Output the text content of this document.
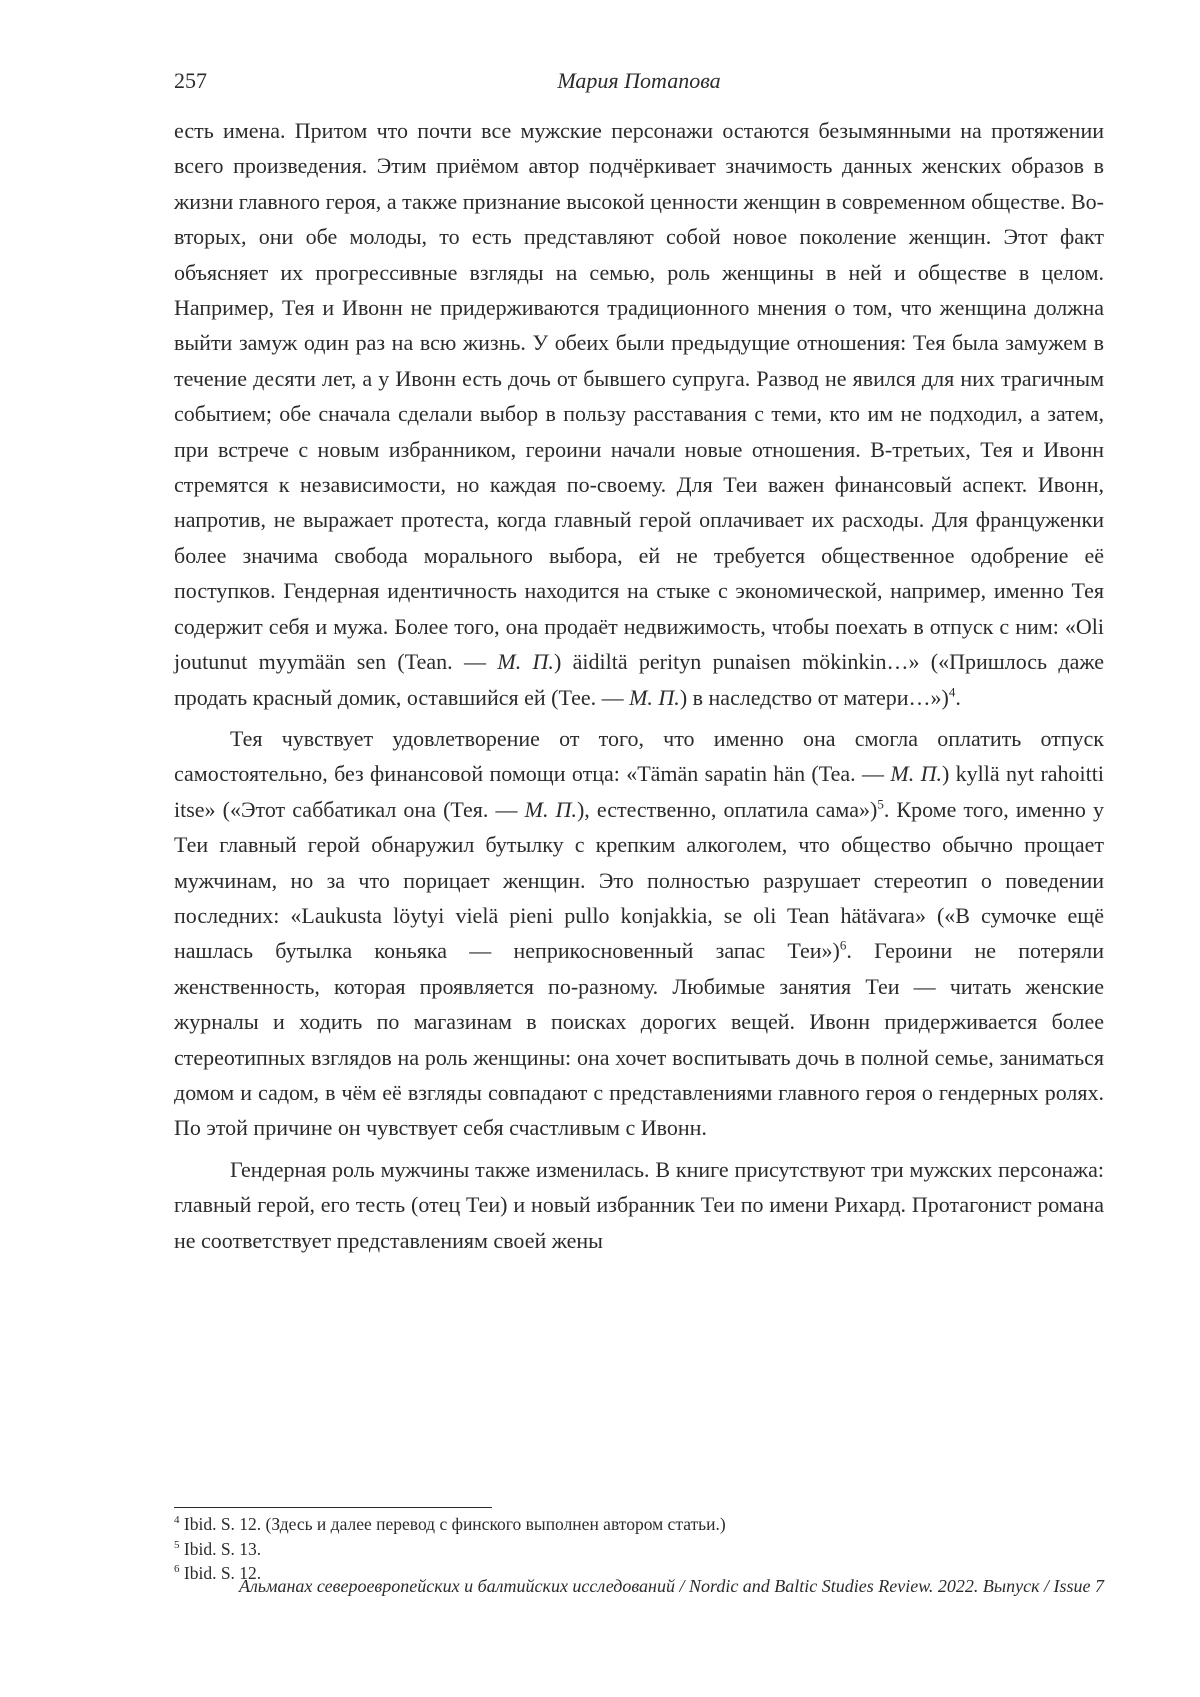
257	Мария Потапова

есть имена. Притом что почти все мужские персонажи остаются безымянными на протяжении всего произведения. Этим приёмом автор подчёркивает значимость данных женских образов в жизни главного героя, а также признание высокой ценности женщин в современном обществе. Во-вторых, они обе молоды, то есть представляют собой новое поколение женщин. Этот факт объясняет их прогрессивные взгляды на семью, роль женщины в ней и обществе в целом. Например, Тея и Ивонн не придерживаются традиционного мнения о том, что женщина должна выйти замуж один раз на всю жизнь. У обеих были предыдущие отношения: Тея была замужем в течение десяти лет, а у Ивонн есть дочь от бывшего супруга. Развод не явился для них трагичным событием; обе сначала сделали выбор в пользу расставания с теми, кто им не подходил, а затем, при встрече с новым избранником, героини начали новые отношения. В-третьих, Тея и Ивонн стремятся к независимости, но каждая по-своему. Для Теи важен финансовый аспект. Ивонн, напротив, не выражает протеста, когда главный герой оплачивает их расходы. Для француженки более значима свобода морального выбора, ей не требуется общественное одобрение её поступков. Гендерная идентичность находится на стыке с экономической, например, именно Тея содержит себя и мужа. Более того, она продаёт недвижимость, чтобы поехать в отпуск с ним: «Oli joutunut myymään sen (Tean. — М. П.) äidiltä perityn punaisen mökinkin…» («Пришлось даже продать красный домик, оставшийся ей (Тее. — М. П.) в наследство от матери…»)$^4$.

Тея чувствует удовлетворение от того, что именно она смогла оплатить отпуск самостоятельно, без финансовой помощи отца: «Tämän sapatin hän (Tea. — M. П.) kyllä nyt rahoitti itse» («Этот саббатикал она (Тея. — М. П.), естественно, оплатила сама»)$^5$. Кроме того, именно у Теи главный герой обнаружил бутылку с крепким алкоголем, что общество обычно прощает мужчинам, но за что порицает женщин. Это полностью разрушает стереотип о поведении последних: «Laukusta löytyi vielä pieni pullo konjakkia, se oli Tean hätävara» («В сумочке ещё нашлась бутылка коньяка — неприкосновенный запас Теи»)$^6$. Героини не потеряли женственность, которая проявляется по-разному. Любимые занятия Теи — читать женские журналы и ходить по магазинам в поисках дорогих вещей. Ивонн придерживается более стереотипных взглядов на роль женщины: она хочет воспитывать дочь в полной семье, заниматься домом и садом, в чём её взгляды совпадают с представлениями главного героя о гендерных ролях. По этой причине он чувствует себя счастливым с Ивонн.

Гендерная роль мужчины также изменилась. В книге присутствуют три мужских персонажа: главный герой, его тесть (отец Теи) и новый избранник Теи по имени Рихард. Протагонист романа не соответствует представлениям своей жены

$^4$ Ibid. S. 12. (Здесь и далее перевод с финского выполнен автором статьи.)
$^5$ Ibid. S. 13.
$^6$ Ibid. S. 12.
Альманах североевропейских и балтийских исследований / Nordic and Baltic Studies Review. 2022. Выпуск / Issue 7
